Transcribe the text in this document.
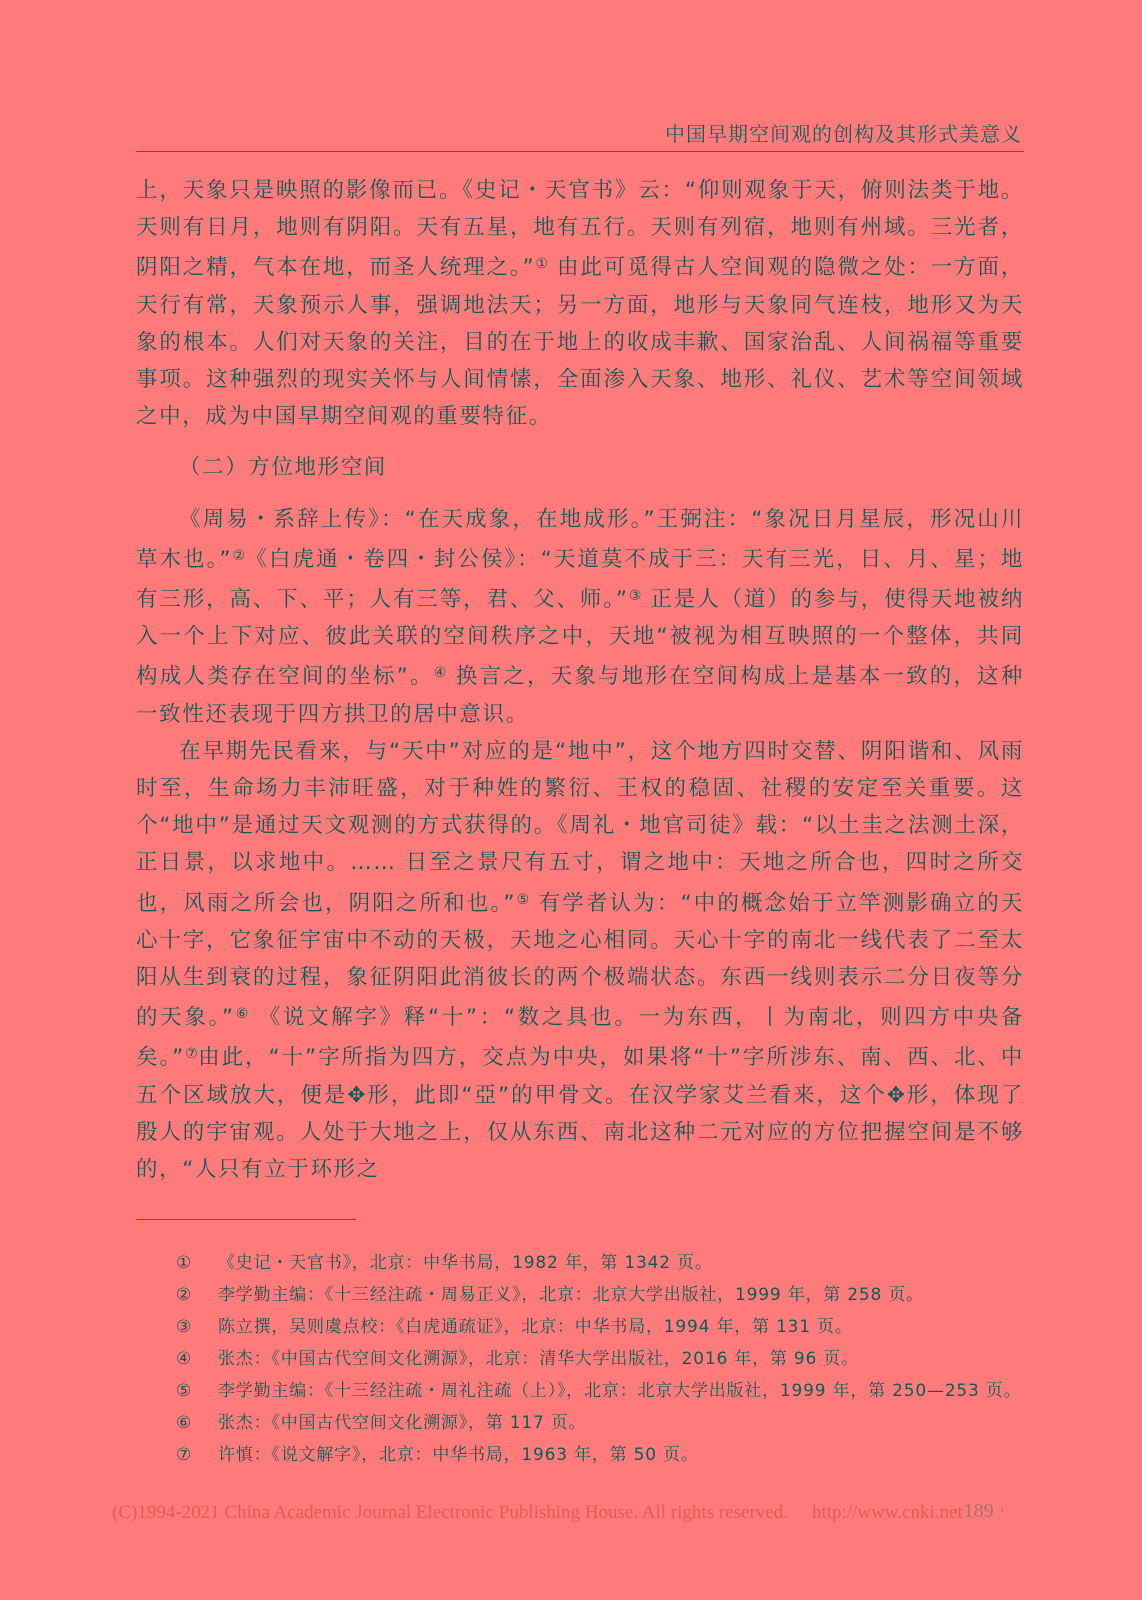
中国早期空间观的创构及其形式美意义

上，天象只是映照的影像而已。《史记・天官书》云：“仰则观象于天，俯则法类于地。天则有日月，地则有阴阳。天有五星，地有五行。天则有列宿，地则有州域。三光者，阴阳之精，气本在地，而圣人统理之。”① 由此可觅得古人空间观的隐微之处：一方面，天行有常，天象预示人事，强调地法天；另一方面，地形与天象同气连枝，地形又为天象的根本。人们对天象的关注，目的在于地上的收成丰歉、国家治乱、人间祸福等重要事项。这种强烈的现实关怀与人间情愫，全面渗入天象、地形、礼仪、艺术等空间领域之中，成为中国早期空间观的重要特征。

（二）方位地形空间

《周易・系辞上传》：“在天成象，在地成形。”王弼注：“象况日月星辰，形况山川草木也。”②《白虎通・卷四・封公侯》：“天道莫不成于三：天有三光，日、月、星；地有三形，高、下、平；人有三等，君、父、师。”③ 正是人（道）的参与，使得天地被纳入一个上下对应、彼此关联的空间秩序之中，天地“被视为相互映照的一个整体，共同构成人类存在空间的坐标”。④ 换言之，天象与地形在空间构成上是基本一致的，这种一致性还表现于四方拱卫的居中意识。

在早期先民看来，与“天中”对应的是“地中”，这个地方四时交替、阴阳谐和、风雨时至，生命场力丰沛旺盛，对于种姓的繁衍、王权的稳固、社稷的安定至关重要。这个“地中”是通过天文观测的方式获得的。《周礼・地官司徒》载：“以土圭之法测土深，正日景，以求地中。…… 日至之景尺有五寸，谓之地中：天地之所合也，四时之所交也，风雨之所会也，阴阳之所和也。”⑤ 有学者认为：“中的概念始于立竿测影确立的天心十字，它象征宇宙中不动的天极，天地之心相同。天心十字的南北一线代表了二至太阳从生到衰的过程，象征阴阳此消彼长的两个极端状态。东西一线则表示二分日夜等分的天象。”⑥ 《说文解字》释“十”：“数之具也。一为东西，丨为南北，则四方中央备矣。”⑦由此，“十”字所指为四方，交点为中央，如果将“十”字所涉东、南、西、北、中五个区域放大，便是✥形，此即“亞”的甲骨文。在汉学家艾兰看来，这个✥形，体现了殷人的宇宙观。人处于大地之上，仅从东西、南北这种二元对应的方位把握空间是不够的，“人只有立于环形之

① 《史记・天官书》，北京：中华书局，1982 年，第 1342 页。
② 李学勤主编：《十三经注疏・周易正义》，北京：北京大学出版社，1999 年，第 258 页。
③ 陈立撰，吴则虞点校：《白虎通疏证》，北京：中华书局，1994 年，第 131 页。
④ 张杰：《中国古代空间文化溯源》，北京：清华大学出版社，2016 年，第 96 页。
⑤ 李学勤主编：《十三经注疏・周礼注疏（上）》，北京：北京大学出版社，1999 年，第 250—253 页。
⑥ 张杰：《中国古代空间文化溯源》，第 117 页。
⑦ 许慎：《说文解字》，北京：中华书局，1963 年，第 50 页。
(C)1994-2021 China Academic Journal Electronic Publishing House. All rights reserved. http://www.cnki.net
· 189 ·
